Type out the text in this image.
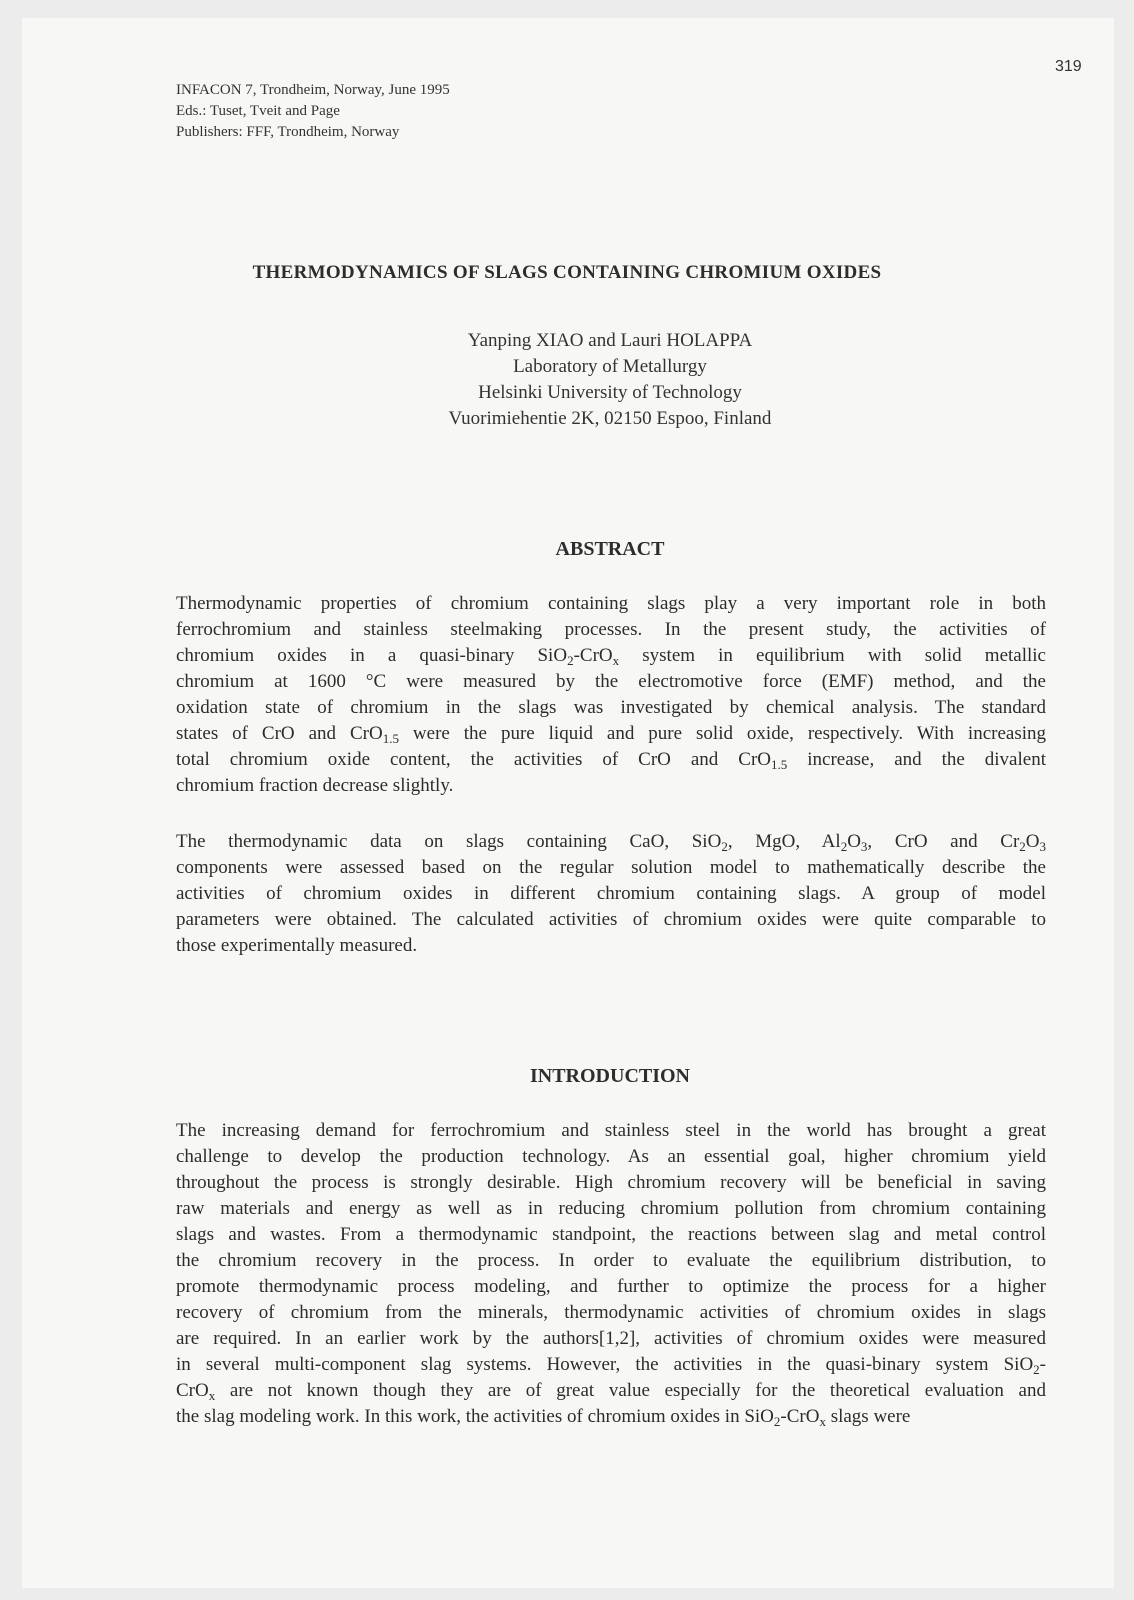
319
INFACON 7, Trondheim, Norway, June 1995
Eds.: Tuset, Tveit and Page
Publishers: FFF, Trondheim, Norway
THERMODYNAMICS OF SLAGS CONTAINING CHROMIUM OXIDES
Yanping XIAO and Lauri HOLAPPA
Laboratory of Metallurgy
Helsinki University of Technology
Vuorimiehentie 2K, 02150 Espoo, Finland
ABSTRACT
Thermodynamic properties of chromium containing slags play a very important role in both
ferrochromium and stainless steelmaking processes. In the present study, the activities of
chromium oxides in a quasi-binary SiO$_2$-CrO$_x$ system in equilibrium with solid metallic
chromium at 1600 °C were measured by the electromotive force (EMF) method, and the
oxidation state of chromium in the slags was investigated by chemical analysis. The standard
states of CrO and CrO$_{1.5}$ were the pure liquid and pure solid oxide, respectively. With increasing
total chromium oxide content, the activities of CrO and CrO$_{1.5}$ increase, and the divalent
chromium fraction decrease slightly.
The thermodynamic data on slags containing CaO, SiO$_2$, MgO, $Al_2O_3$, CrO and $Cr_2O_3$
components were assessed based on the regular solution model to mathematically describe the
activities of chromium oxides in different chromium containing slags. A group of model
parameters were obtained. The calculated activities of chromium oxides were quite comparable to
those experimentally measured.
INTRODUCTION
The increasing demand for ferrochromium and stainless steel in the world has brought a great
challenge to develop the production technology. As an essential goal, higher chromium yield
throughout the process is strongly desirable. High chromium recovery will be beneficial in saving
raw materials and energy as well as in reducing chromium pollution from chromium containing
slags and wastes. From a thermodynamic standpoint, the reactions between slag and metal control
the chromium recovery in the process. In order to evaluate the equilibrium distribution, to
promote thermodynamic process modeling, and further to optimize the process for a higher
recovery of chromium from the minerals, thermodynamic activities of chromium oxides in slags
are required. In an earlier work by the authors[1,2], activities of chromium oxides were measured
in several multi-component slag systems. However, the activities in the quasi-binary system SiO$_2$-
CrO$_x$ are not known though they are of great value especially for the theoretical evaluation and
the slag modeling work. In this work, the activities of chromium oxides in SiO$_2$-CrO$_x$ slags were
